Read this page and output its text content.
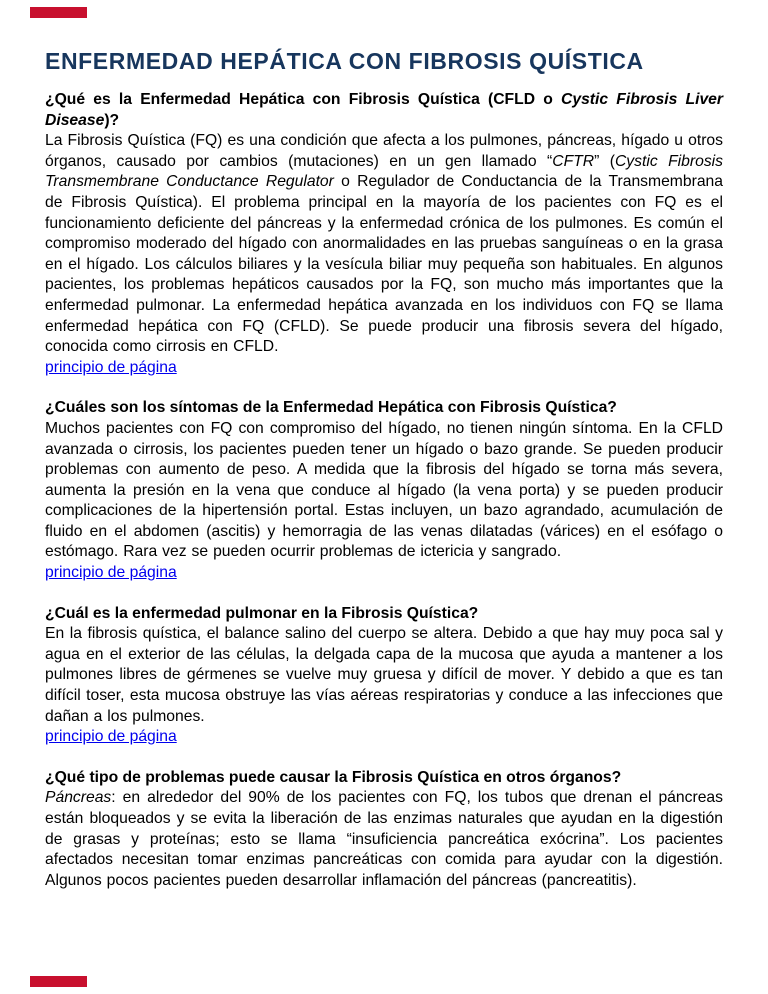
ENFERMEDAD HEPÁTICA CON FIBROSIS QUÍSTICA

¿Qué es la Enfermedad Hepática con Fibrosis Quística (CFLD o Cystic Fibrosis Liver Disease)?

La Fibrosis Quística (FQ) es una condición que afecta a los pulmones, páncreas, hígado u otros órganos, causado por cambios (mutaciones) en un gen llamado “CFTR” (Cystic Fibrosis Transmembrane Conductance Regulator o Regulador de Conductancia de la Transmembrana de Fibrosis Quística). El problema principal en la mayoría de los pacientes con FQ es el funcionamiento deficiente del páncreas y la enfermedad crónica de los pulmones. Es común el compromiso moderado del hígado con anormalidades en las pruebas sanguíneas o en la grasa en el hígado. Los cálculos biliares y la vesícula biliar muy pequeña son habituales. En algunos pacientes, los problemas hepáticos causados por la FQ, son mucho más importantes que la enfermedad pulmonar. La enfermedad hepática avanzada en los individuos con FQ se llama enfermedad hepática con FQ (CFLD). Se puede producir una fibrosis severa del hígado, conocida como cirrosis en CFLD.

principio de página

¿Cuáles son los síntomas de la Enfermedad Hepática con Fibrosis Quística?

Muchos pacientes con FQ con compromiso del hígado, no tienen ningún síntoma. En la CFLD avanzada o cirrosis, los pacientes pueden tener un hígado o bazo grande. Se pueden producir problemas con aumento de peso. A medida que la fibrosis del hígado se torna más severa, aumenta la presión en la vena que conduce al hígado (la vena porta) y se pueden producir complicaciones de la hipertensión portal. Estas incluyen, un bazo agrandado, acumulación de fluido en el abdomen (ascitis) y hemorragia de las venas dilatadas (várices) en el esófago o estómago. Rara vez se pueden ocurrir problemas de ictericia y sangrado.

principio de página

¿Cuál es la enfermedad pulmonar en la Fibrosis Quística?

En la fibrosis quística, el balance salino del cuerpo se altera. Debido a que hay muy poca sal y agua en el exterior de las células, la delgada capa de la mucosa que ayuda a mantener a los pulmones libres de gérmenes se vuelve muy gruesa y difícil de mover. Y debido a que es tan difícil toser, esta mucosa obstruye las vías aéreas respiratorias y conduce a las infecciones que dañan a los pulmones.

principio de página

¿Qué tipo de problemas puede causar la Fibrosis Quística en otros órganos?

Páncreas: en alrededor del 90% de los pacientes con FQ, los tubos que drenan el páncreas están bloqueados y se evita la liberación de las enzimas naturales que ayudan en la digestión de grasas y proteínas; esto se llama “insuficiencia pancreática exócrina”. Los pacientes afectados necesitan tomar enzimas pancreáticas con comida para ayudar con la digestión. Algunos pocos pacientes pueden desarrollar inflamación del páncreas (pancreatitis).
